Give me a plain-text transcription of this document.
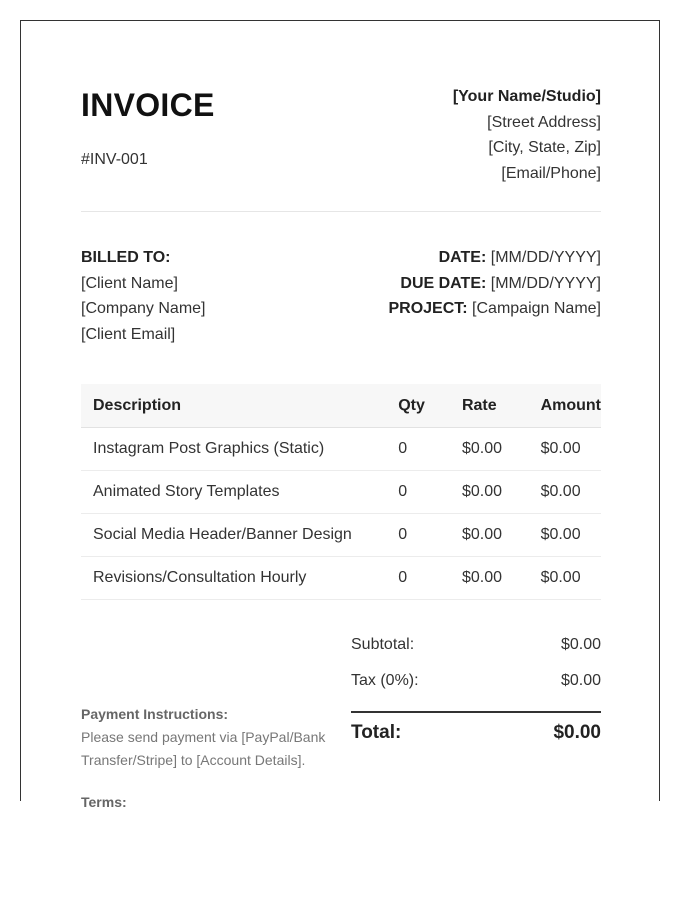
INVOICE
#INV-001
[Your Name/Studio]
[Street Address]
[City, State, Zip]
[Email/Phone]
BILLED TO:
[Client Name]
[Company Name]
[Client Email]
DATE: [MM/DD/YYYY]
DUE DATE: [MM/DD/YYYY]
PROJECT: [Campaign Name]
Description	Qty	Rate	Amount
Instagram Post Graphics (Static)	0	$0.00	$0.00
Animated Story Templates	0	$0.00	$0.00
Social Media Header/Banner Design	0	$0.00	$0.00
Revisions/Consultation Hourly	0	$0.00	$0.00
Subtotal:	$0.00
Tax (0%):	$0.00
Total:	$0.00
Payment Instructions:
Please send payment via [PayPal/Bank
Transfer/Stripe] to [Account Details].
Terms:
